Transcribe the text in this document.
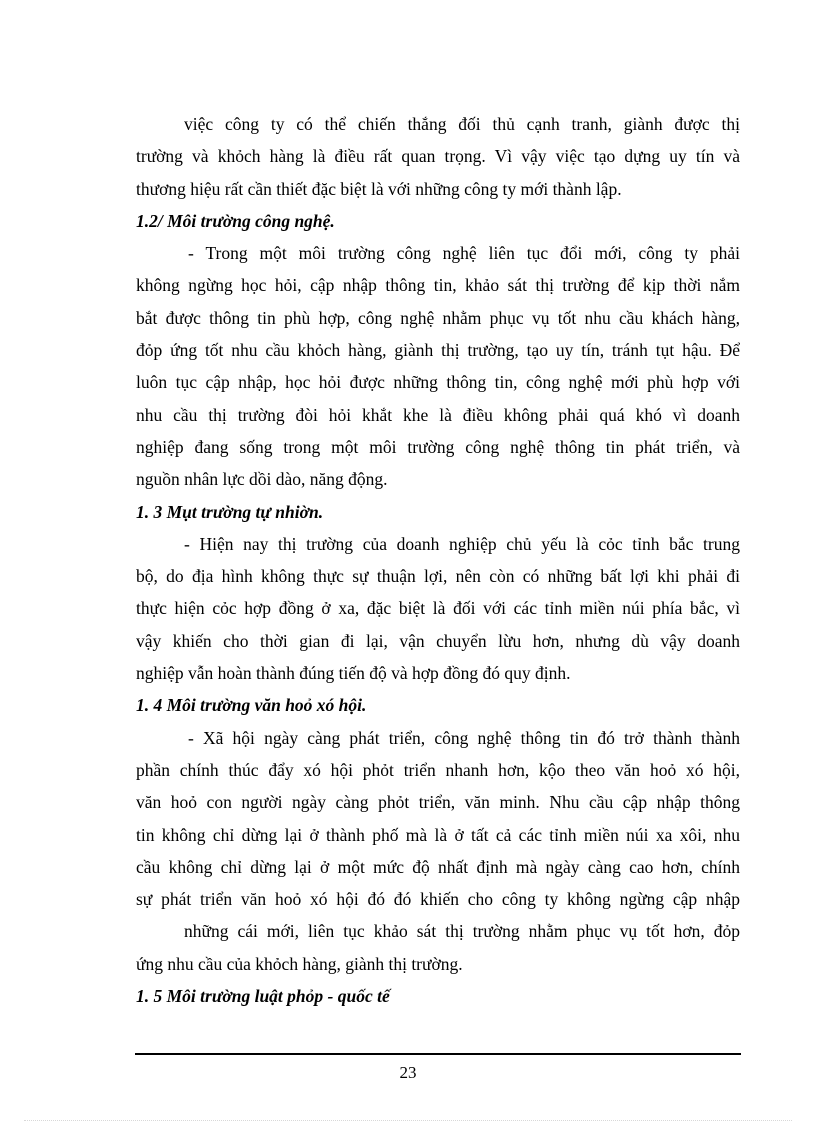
việc công ty có thể chiến thắng đối thủ cạnh tranh, giành được thị
trường và khỏch hàng là điều rất quan trọng. Vì vậy việc tạo dựng uy tín và
thương hiệu rất cần thiết đặc biệt là với những công ty mới thành lập.
1.2/ Môi trường công nghệ.
- Trong một môi trường công nghệ liên tục đổi mới, công ty phải
không ngừng học hỏi, cập nhập thông tin, khảo sát thị trường để kịp thời nắm
bắt được thông tin phù hợp, công nghệ nhằm phục vụ tốt nhu cầu khách hàng,
đỏp ứng tốt nhu cầu khỏch hàng, giành thị trường, tạo uy tín, tránh tụt hậu. Để
luôn tục cập nhập, học hỏi được những thông tin, công nghệ mới phù hợp với
nhu cầu thị trường đòi hỏi khắt khe là điều không phải quá khó vì doanh
nghiệp đang sống trong một môi trường công nghệ thông tin phát triển, và
nguồn nhân lực dồi dào, năng động.
1. 3 Mụt trường tự nhiờn.
- Hiện nay thị trường của doanh nghiệp chủ yếu là cỏc tỉnh bắc trung
bộ, do địa hình không thực sự thuận lợi, nên còn có những bất lợi khi phải đi
thực hiện cỏc hợp đồng ở xa, đặc biệt là đối với các tỉnh miền núi phía bắc, vì
vậy khiến cho thời gian đi lại, vận chuyển lừu hơn, nhưng dù vậy doanh
nghiệp vẫn hoàn thành đúng tiến độ và hợp đồng đó quy định.
1. 4 Môi trường văn hoỏ xó hội.
- Xã hội ngày càng phát triển, công nghệ thông tin đó trở thành thành
phần chính thúc đẩy xó hội phỏt triển nhanh hơn, kộo theo văn hoỏ xó hội,
văn hoỏ con người ngày càng phỏt triển, văn minh. Nhu cầu cập nhập thông
tin không chỉ dừng lại ở thành phố mà là ở tất cả các tỉnh miền núi xa xôi, nhu
cầu không chỉ dừng lại ở một mức độ nhất định mà ngày càng cao hơn, chính
sự phát triển văn hoỏ xó hội đó đó khiến cho công ty không ngừng cập nhập
những cái mới, liên tục khảo sát thị trường nhằm phục vụ tốt hơn, đỏp
ứng nhu cầu của khỏch hàng, giành thị trường.
1. 5 Môi trường luật phỏp - quốc tế
23
